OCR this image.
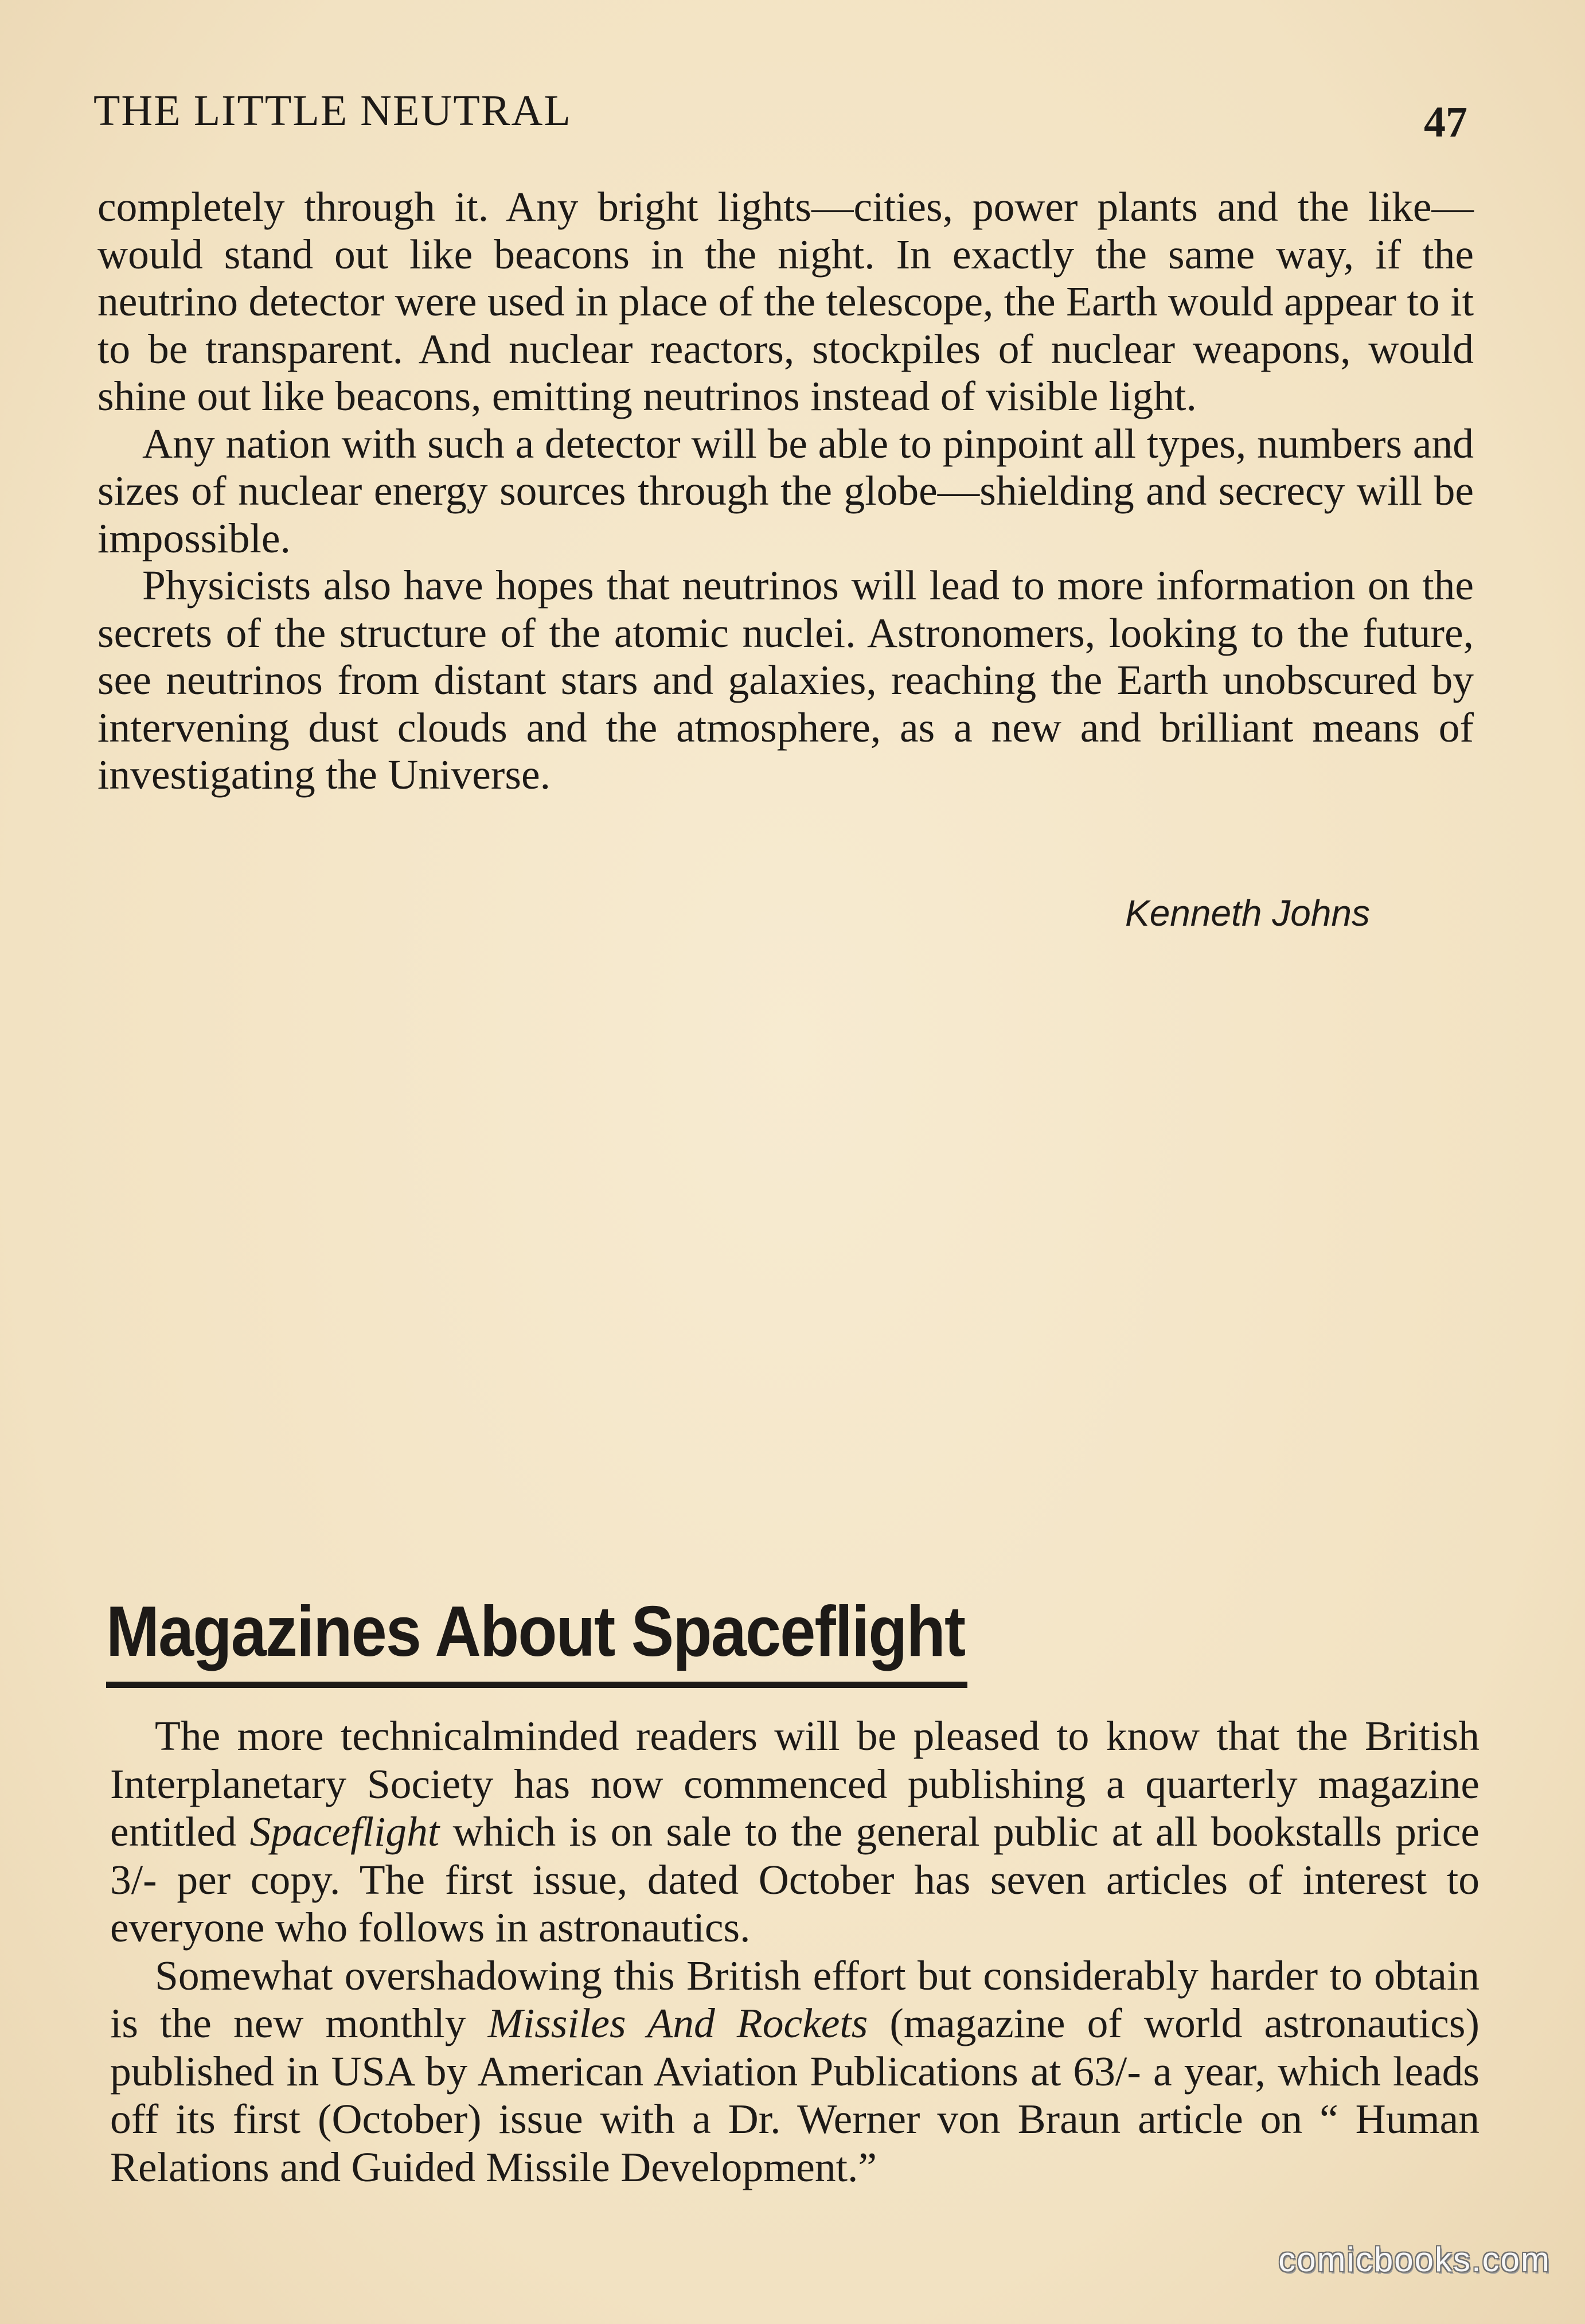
THE LITTLE NEUTRAL	47

completely through it. Any bright lights—cities, power plants and the like—would stand out like beacons in the night. In exactly the same way, if the neutrino detector were used in place of the telescope, the Earth would appear to it to be transparent. And nuclear reactors, stockpiles of nuclear weapons, would shine out like beacons, emitting neutrinos instead of visible light.

Any nation with such a detector will be able to pinpoint all types, numbers and sizes of nuclear energy sources through the globe—shielding and secrecy will be impossible.

Physicists also have hopes that neutrinos will lead to more information on the secrets of the structure of the atomic nuclei. Astronomers, looking to the future, see neutrinos from distant stars and galaxies, reaching the Earth unobscured by intervening dust clouds and the atmosphere, as a new and brilliant means of investigating the Universe.

Kenneth Johns
Magazines About Spaceflight

The more technicalminded readers will be pleased to know that the British Interplanetary Society has now commenced publishing a quarterly magazine entitled Spaceflight which is on sale to the general public at all bookstalls price 3/- per copy. The first issue, dated October has seven articles of interest to everyone who follows in astronautics.

Somewhat overshadowing this British effort but considerably harder to obtain is the new monthly Missiles And Rockets (magazine of world astronautics) published in USA by American Aviation Publications at 63/- a year, which leads off its first (October) issue with a Dr. Werner von Braun article on “ Human Relations and Guided Missile Development.”

comicbooks.com
